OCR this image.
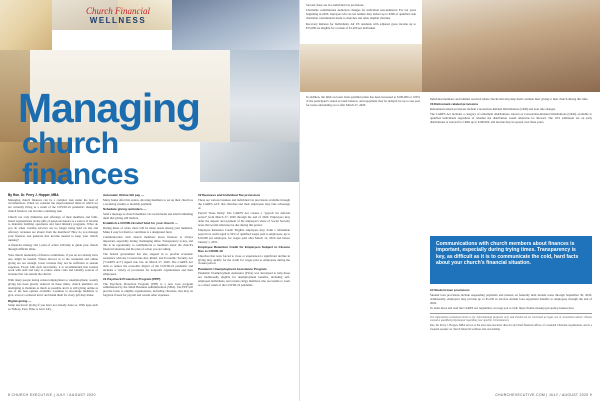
Church Financial
WELLNESS
Managing
church finances
By Ron. Dr. Perry J. Hopper, MBA

Managing church finances can be a complex task under the best of circumstances. When we consider the unprecedented times in which we are currently living as a result of the COVID-19 pandemic, managing church finances can become a daunting task.

Church not only ministries and offerings of their members and faith-based organizations on the gifts of generous donors as a source of income to maintain building operations and fund ministry programs. What do you do when worship services are no longer being held on site and offertory revenues are absent from the members? How do you manage your finances and generate that income needed to keep your church running?

A financial strategy and a plan of action will help to guide your church through difficult times.

Your church leadership of finance committees, if you do not already have one, might be needed. Where discord as to the weekends and online giving are not enough, lower revenue may not be sufficient to sustain expenses. Faced with such uncertainty, it is recommended that leaders work with staff and laity to reduce some costs and identify sources of revenue that can sustain the church.

With many people losing related employment or unemployment, weekly giving has been greatly reduced. In these times, church members are attempting to maintain as much as possible and it is still giving online as one of the best options available. Continue to encourage members to give, even at a reduced level, and thank them for every gift they make.

Digital giving —

Setup electronic giving if you have not already done so. With apps such as Tithe.ly, Easy Tithe or Give Lify.

Automatic Online bill pay —

Many banks offer this option, allowing members to set up their church as a recurring weekly or monthly payment.

Schedule giving reminders —

Send a message to church members via social media and email reminding them that giving still matters.

Establish a COVID-19 relief fund for your church —

During times of crisis, there will be many needs among your members. Make it easy for them to contribute to a designated fund.

Communication with church members about finances is always important, especially during challenging times. Transparency is key, and this is an opportunity to communicate to members about the church's financial situation and the plan of action you are taking.

The federal government has also stepped in to provide economic assistance with the Coronavirus Aid, Relief, and Economic Security Act ("CARES Act") signed into law on March 27, 2020. The CARES Act aims to reduce the economic impact of the COVID-19 pandemic and includes a variety of provisions for nonprofit organizations and their employees.

#1 Paycheck Protection Program (PPP)

The Paycheck Protection Program (PPP) is a new loan program administered by the Small Business Administration (SBA). The PPP will provide loans to eligible organizations, including churches, that may be forgiven if used for payroll and certain other expenses.

#2 Business and Individual Tax provisions

There are various business and individual tax provisions available through the CARES ACT that churches and their employees may take advantage of.

Payroll Taxes Delay: The CARES Act creates a "payroll tax deferral period" from March 27, 2020 through the end of 2020. Employers may defer the deposit and payment of the employer's share of Social Security taxes that would otherwise be due during this period.

Employee Retention Credit: Eligible employers may claim a refundable payroll tax credit equal to 50% of qualified wages paid to employees, up to $10,000 per employee, for wages paid after March 12, 2020 and before January 1, 2021.

Employee Retention Credit for Employers Subject to Closure Due to COVID-19

Churches that were forced to close or experienced a significant decline in giving may qualify for the credit for wages paid to employees during the closure period.

Pandemic Unemployment Assistance Program

Pandemic Unemployment Assistance (PUA) was developed to help those not traditionally eligible for unemployment benefits, including self-employed individuals, and certain clergy members who are unable to work as a direct result of the COVID-19 pandemic.

8 CHURCH EXECUTIVE | JULY / AUGUST 2020

Second, there are two individual tax provisions.

Charitable contributions deduction changes for individual non-itemizers: For tax years beginning in 2020, taxpayers who do not itemize may deduct up to $300 of qualified cash charitable contributions made to churches and other eligible charities.

Recovery Rebates for Individuals: All US residents with adjusted gross income up to $75,000 are eligible for a rebate of $1,200 per individual.

In addition, the limit on loans from qualified plans has been increased to $100,000 or 100% of the participant's vested account balance, and repayment may be delayed for up to one year for loans outstanding on or after March 27, 2020.

Individual members and families received rebate checks that may help them continue their giving to their church during this time.

#3 Retirement-related provisions

Retirement-related provisions include Coronavirus-Related Distributions (CRD) and loan rule changes.

The CARES Act includes a category of retirement distributions, known as Coronavirus-Related Distributions (CRD), available to qualified individuals regardless of whether the distribution would otherwise be allowed. The 10% additional tax on early distributions is waived for CRDs up to $100,000, and income may be spread over three years.

Communications with church members about finances is important, especially during trying times. Transparency is key, as difficult as it is to communicate the cold, hard facts about your church's financial situation.
#4 Student loan provisions

Student loan provisions include suspending payments and interest on federally held student loans through September 30, 2020. Additionally, employers may provide up to $5,250 in tax-free student loan repayment benefits to employees through the end of 2020.

To learn more and read the CARES Act legislation, we urge you to visit: https://home.treasury.gov/policy-issues/cares

The information contained herein is for informational purposes only and should not be construed as legal, tax or investment advice. Please consult a qualified professional regarding your specific circumstances.

Rev. Dr. Perry J. Hopper, MBA serves as the associate executive director and chief financial officer of a national Christian organization, and is a frequent speaker on church financial wellness and stewardship.

CHURCHEXECUTIVE.COM | JULY / AUGUST 2020 9
